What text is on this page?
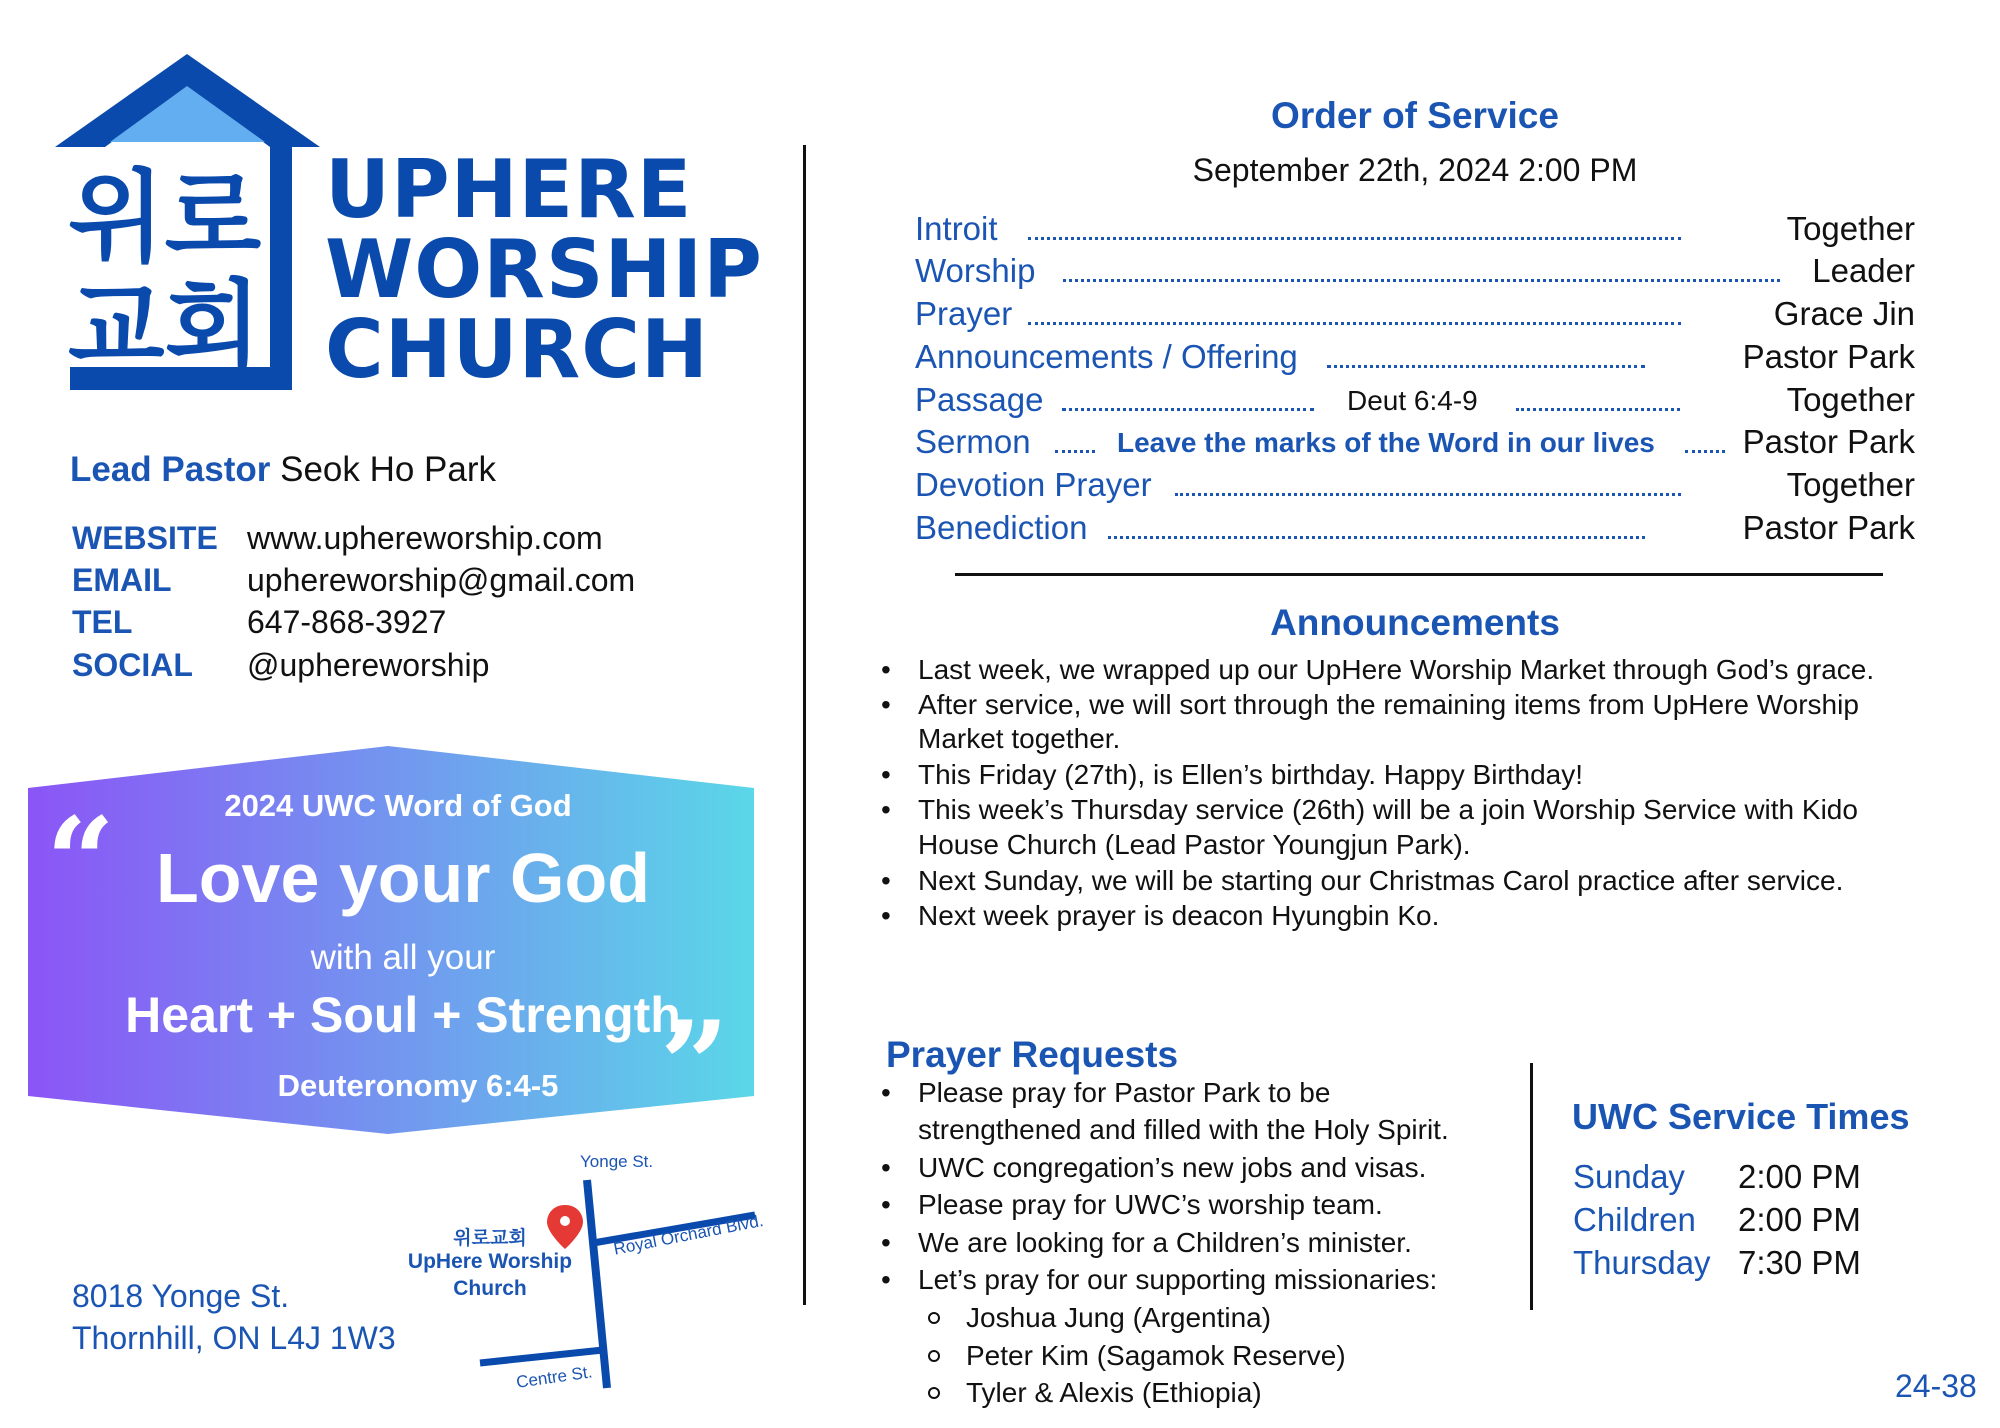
위로
교회
UPHERE
WORSHIP
CHURCH
Lead Pastor Seok Ho Park
WEBSITE www.uphereworship.com
EMAIL uphereworship@gmail.com
TEL	647-868-3927
SOCIAL @uphereworship
“	2024 UWC Word of God
Love your God
with all your
Heart + Soul + Strength
Deuteronomy 6:4-5 ”
위로교회
UpHere Worship
Church
Yonge St.
Royal Orchard Blvd.
Centre St.
8018 Yonge St.
Thornhill, ON L4J 1W3
Order of Service
September 22th, 2024 2:00 PM
Introit	Together
Worship	Leader
Prayer	Grace Jin
Announcements / Offering	Pastor Park
Passage	Deut 6:4-9	Together
Sermon	Leave the marks of the Word in our lives	Pastor Park
Devotion Prayer	Together
Benediction	Pastor Park
Announcements
• Last week, we wrapped up our UpHere Worship Market through God’s grace.
• After service, we will sort through the remaining items from UpHere Worship
Market together.
• This Friday (27th), is Ellen’s birthday. Happy Birthday!
• This week’s Thursday service (26th) will be a join Worship Service with Kido
House Church (Lead Pastor Youngjun Park).
• Next Sunday, we will be starting our Christmas Carol practice after service.
• Next week prayer is deacon Hyungbin Ko.
Prayer Requests
• Please pray for Pastor Park to be
strengthened and filled with the Holy Spirit.
• UWC congregation’s new jobs and visas.
• Please pray for UWC’s worship team.
• We are looking for a Children’s minister.
• Let’s pray for our supporting missionaries:
Joshua Jung (Argentina)
Peter Kim (Sagamok Reserve)
Tyler & Alexis (Ethiopia)
UWC Service Times
Sunday 2:00 PM
Children 2:00 PM
Thursday 7:30 PM
24-38
